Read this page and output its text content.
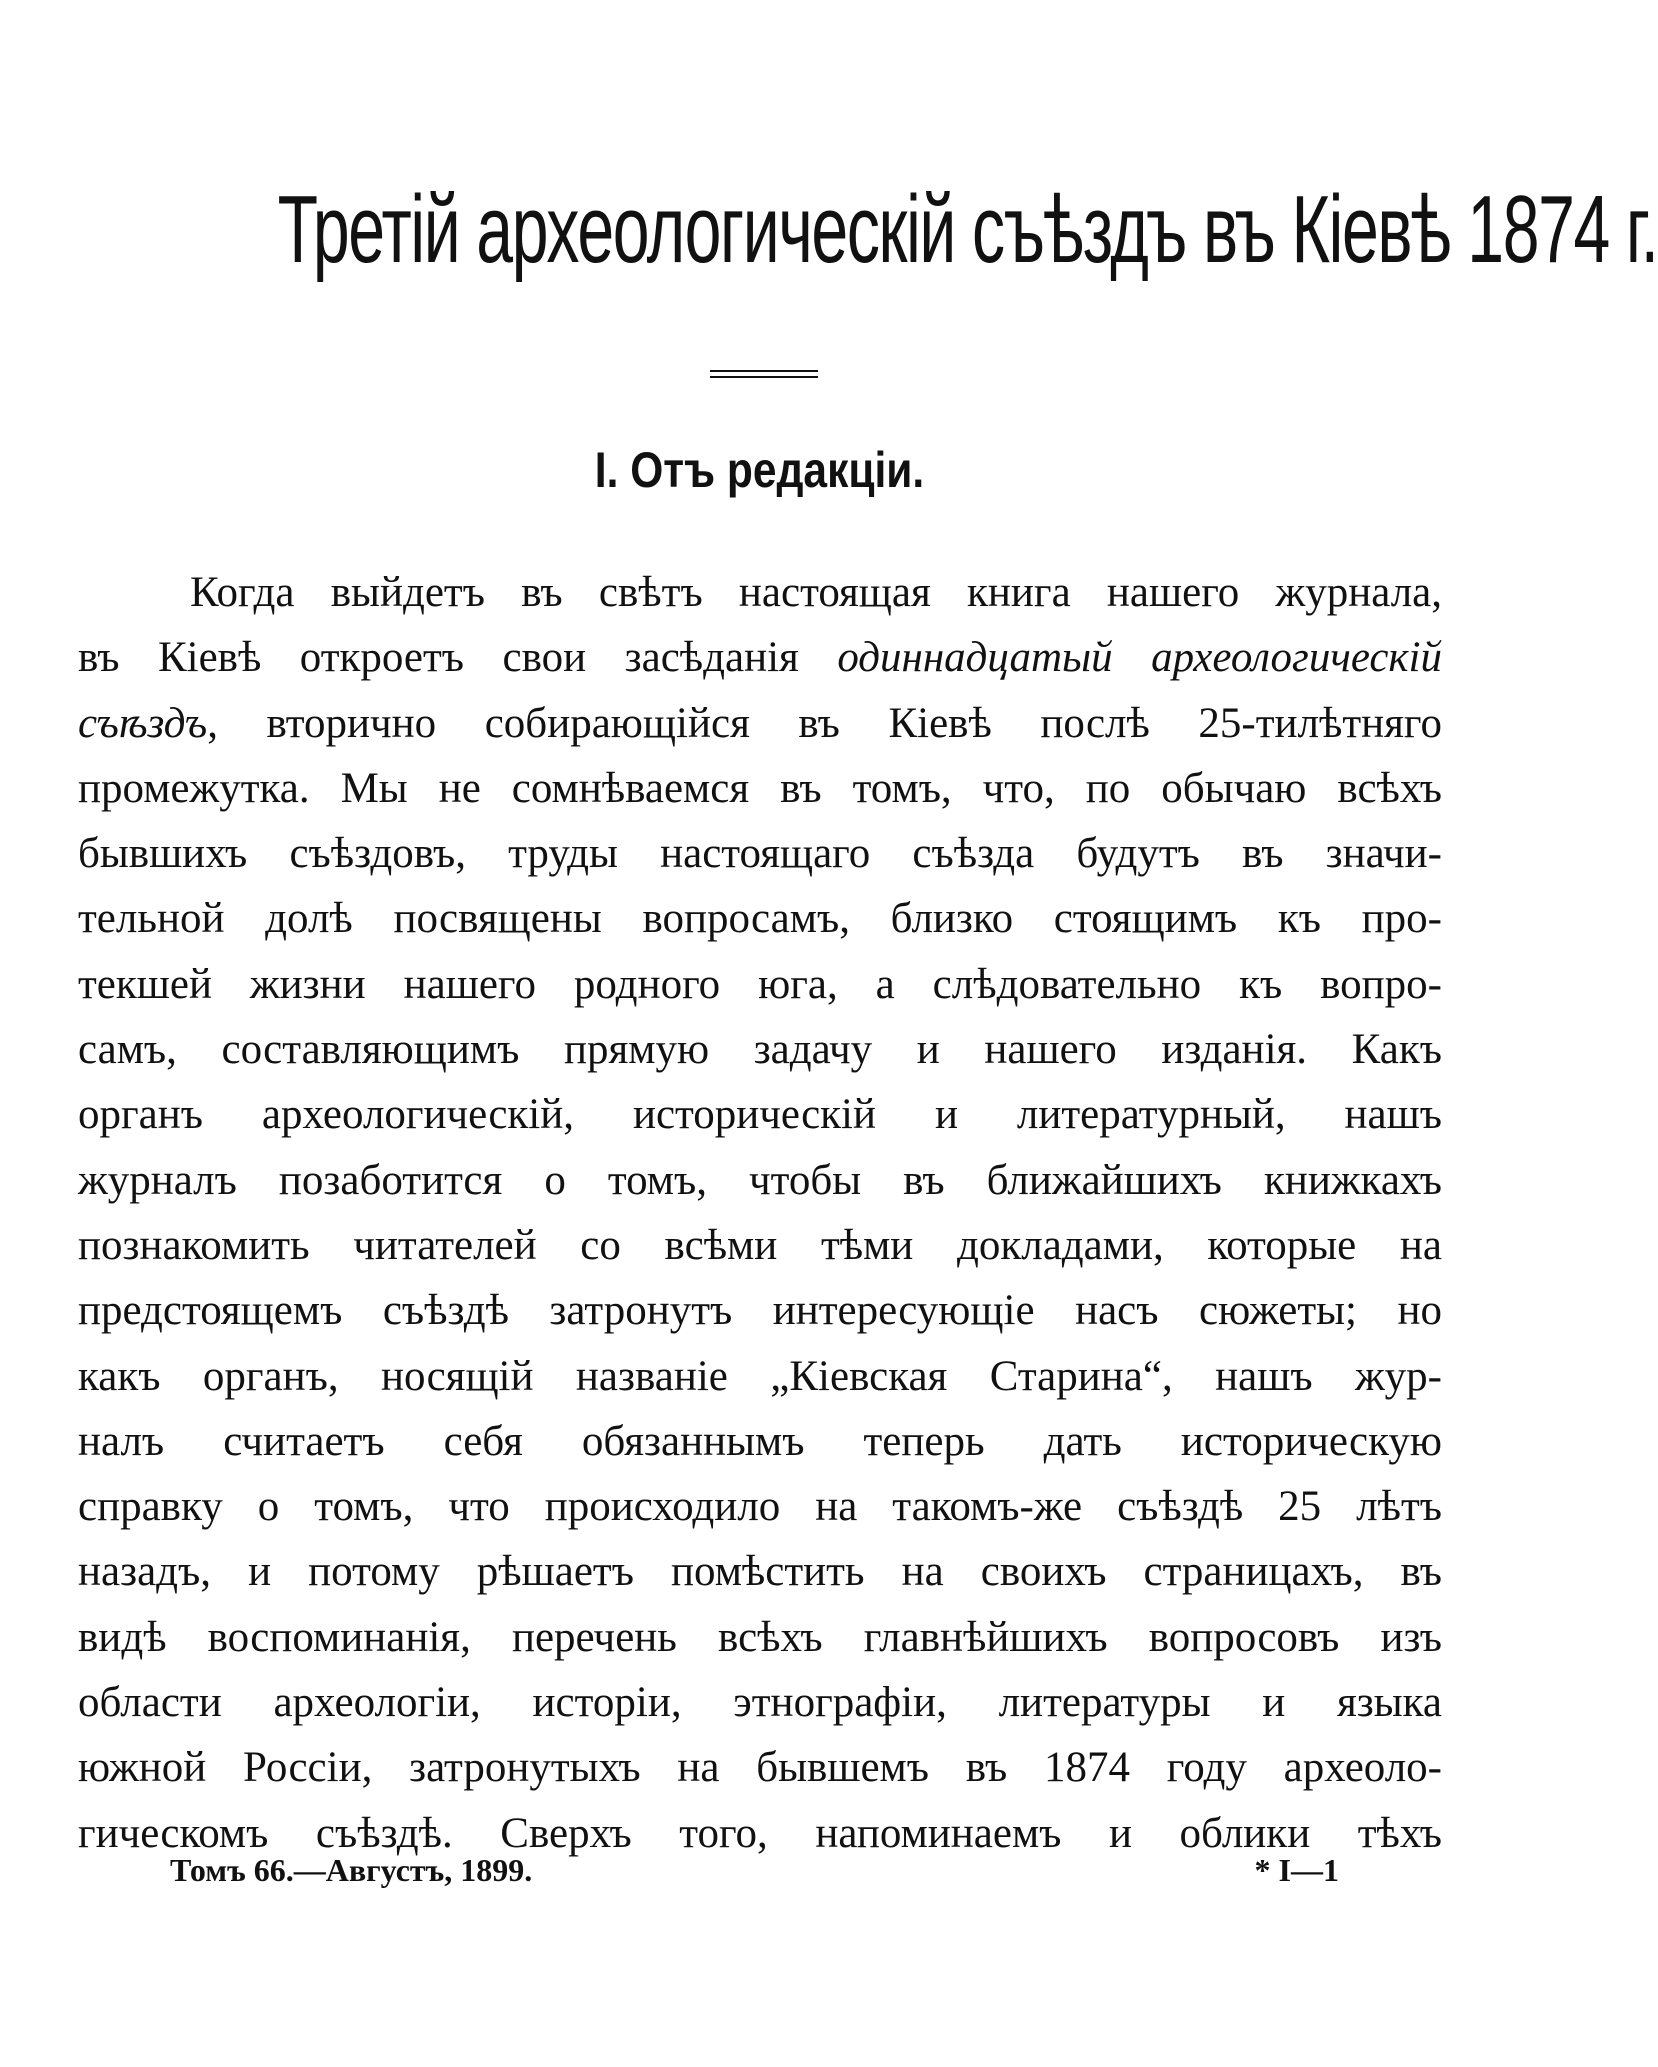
Третій археологическій съѣздъ въ Кіевѣ 1874 г.
I. Отъ редакціи.
Когда выйдетъ въ свѣтъ настоящая книга нашего журнала,
въ Кіевѣ откроетъ свои засѣданія одиннадцатый археологическій
съѣздъ, вторично собирающійся въ Кіевѣ послѣ 25-тилѣтняго
промежутка. Мы не сомнѣваемся въ томъ, что, по обычаю всѣхъ
бывшихъ съѣздовъ, труды настоящаго съѣзда будутъ въ значи-
тельной долѣ посвящены вопросамъ, близко стоящимъ къ про-
текшей жизни нашего родного юга, а слѣдовательно къ вопро-
самъ, составляющимъ прямую задачу и нашего изданія. Какъ
органъ археологическій, историческій и литературный, нашъ
журналъ позаботится о томъ, чтобы въ ближайшихъ книжкахъ
познакомить читателей со всѣми тѣми докладами, которые на
предстоящемъ съѣздѣ затронутъ интересующіе насъ сюжеты; но
какъ органъ, носящій названіе „Кіевская Старина“, нашъ жур-
налъ считаетъ себя обязаннымъ теперь дать историческую
справку о томъ, что происходило на такомъ-же съѣздѣ 25 лѣтъ
назадъ, и потому рѣшаетъ помѣстить на своихъ страницахъ, въ
видѣ воспоминанія, перечень всѣхъ главнѣйшихъ вопросовъ изъ
области археологіи, исторіи, этнографіи, литературы и языка
южной Россіи, затронутыхъ на бывшемъ въ 1874 году археоло-
гическомъ съѣздѣ. Сверхъ того, напоминаемъ и облики тѣхъ
Томъ 66.—Августъ, 1899.	* I—1
